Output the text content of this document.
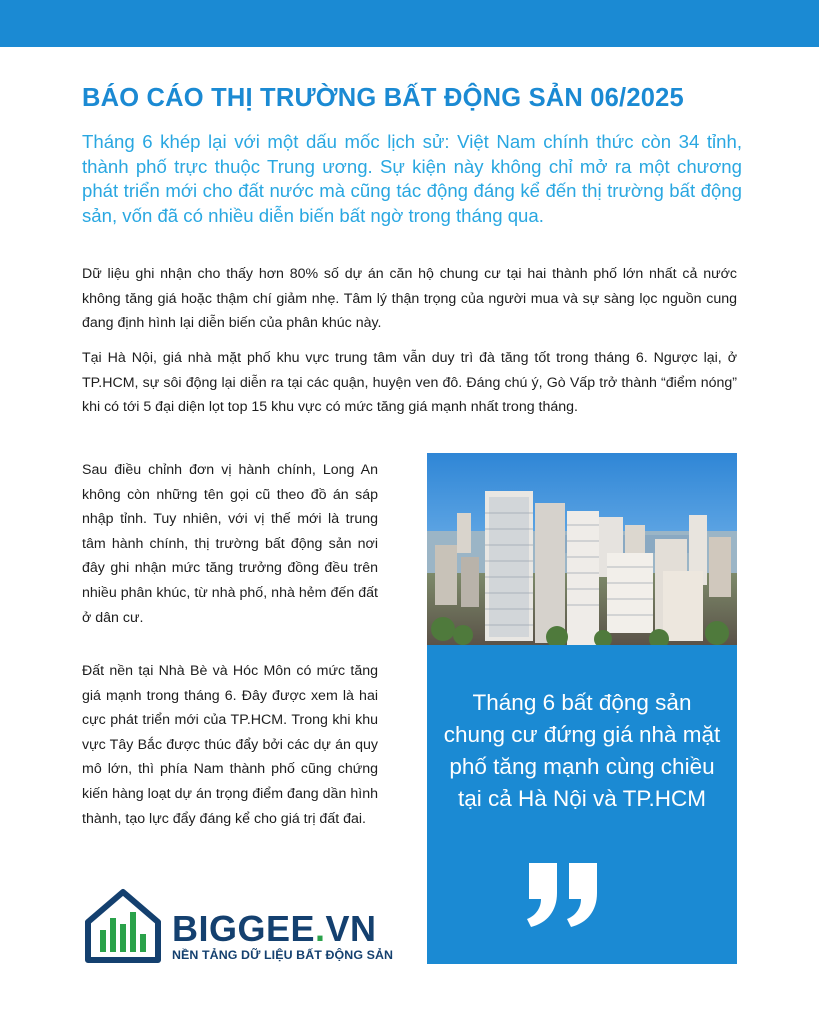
BÁO CÁO THỊ TRƯỜNG BẤT ĐỘNG SẢN 06/2025

Tháng 6 khép lại với một dấu mốc lịch sử: Việt Nam chính thức còn 34 tỉnh, thành phố trực thuộc Trung ương. Sự kiện này không chỉ mở ra một chương phát triển mới cho đất nước mà cũng tác động đáng kể đến thị trường bất động sản, vốn đã có nhiều diễn biến bất ngờ trong tháng qua.

Dữ liệu ghi nhận cho thấy hơn 80% số dự án căn hộ chung cư tại hai thành phố lớn nhất cả nước không tăng giá hoặc thậm chí giảm nhẹ. Tâm lý thận trọng của người mua và sự sàng lọc nguồn cung đang định hình lại diễn biến của phân khúc này.

Tại Hà Nội, giá nhà mặt phố khu vực trung tâm vẫn duy trì đà tăng tốt trong tháng 6. Ngược lại, ở TP.HCM, sự sôi động lại diễn ra tại các quận, huyện ven đô. Đáng chú ý, Gò Vấp trở thành “điểm nóng” khi có tới 5 đại diện lọt top 15 khu vực có mức tăng giá mạnh nhất trong tháng.

Sau điều chỉnh đơn vị hành chính, Long An không còn những tên gọi cũ theo đồ án sáp nhập tỉnh. Tuy nhiên, với vị thế mới là trung tâm hành chính, thị trường bất động sản nơi đây ghi nhận mức tăng trưởng đồng đều trên nhiều phân khúc, từ nhà phố, nhà hẻm đến đất ở dân cư.

Đất nền tại Nhà Bè và Hóc Môn có mức tăng giá mạnh trong tháng 6. Đây được xem là hai cực phát triển mới của TP.HCM. Trong khi khu vực Tây Bắc được thúc đẩy bởi các dự án quy mô lớn, thì phía Nam thành phố cũng chứng kiến hàng loạt dự án trọng điểm đang dần hình thành, tạo lực đẩy đáng kể cho giá trị đất đai.

Tháng 6 bất động sản chung cư đứng giá nhà mặt phố tăng mạnh cùng chiều tại cả Hà Nội và TP.HCM

BIGGEE.VN
NỀN TẢNG DỮ LIỆU BẤT ĐỘNG SẢN
